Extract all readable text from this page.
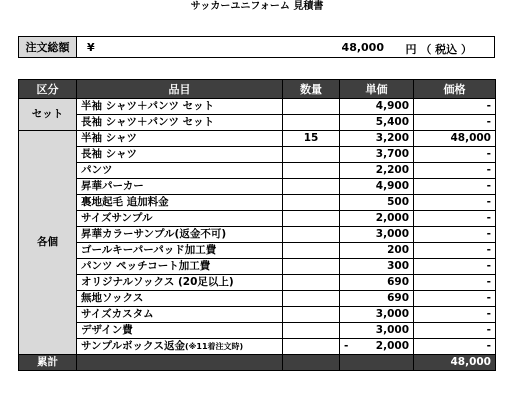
サッカーユニフォーム 見積書
注文総額	¥	48,000 円 （ 税込 ）
区分	品目	数量	単価	価格
セット	半袖 シャツ＋パンツ セット		4,900	-
	長袖 シャツ＋パンツ セット		5,400	-
各個	半袖 シャツ	15	3,200	48,000
	長袖 シャツ		3,700	-
	パンツ		2,200	-
	昇華パーカー		4,900	-
	裏地起毛 追加料金		500	-
	サイズサンプル		2,000	-
	昇華カラーサンプル(返金不可)		3,000	-
	ゴールキーパーパッド加工費		200	-
	パンツ ペッチコート加工費		300	-
	オリジナルソックス (20足以上)		690	-
	無地ソックス		690	-
	サイズカスタム		3,000	-
	デザイン費		3,000	-
	サンプルボックス返金(※11着注文時)		- 2,000	-
累計				48,000
